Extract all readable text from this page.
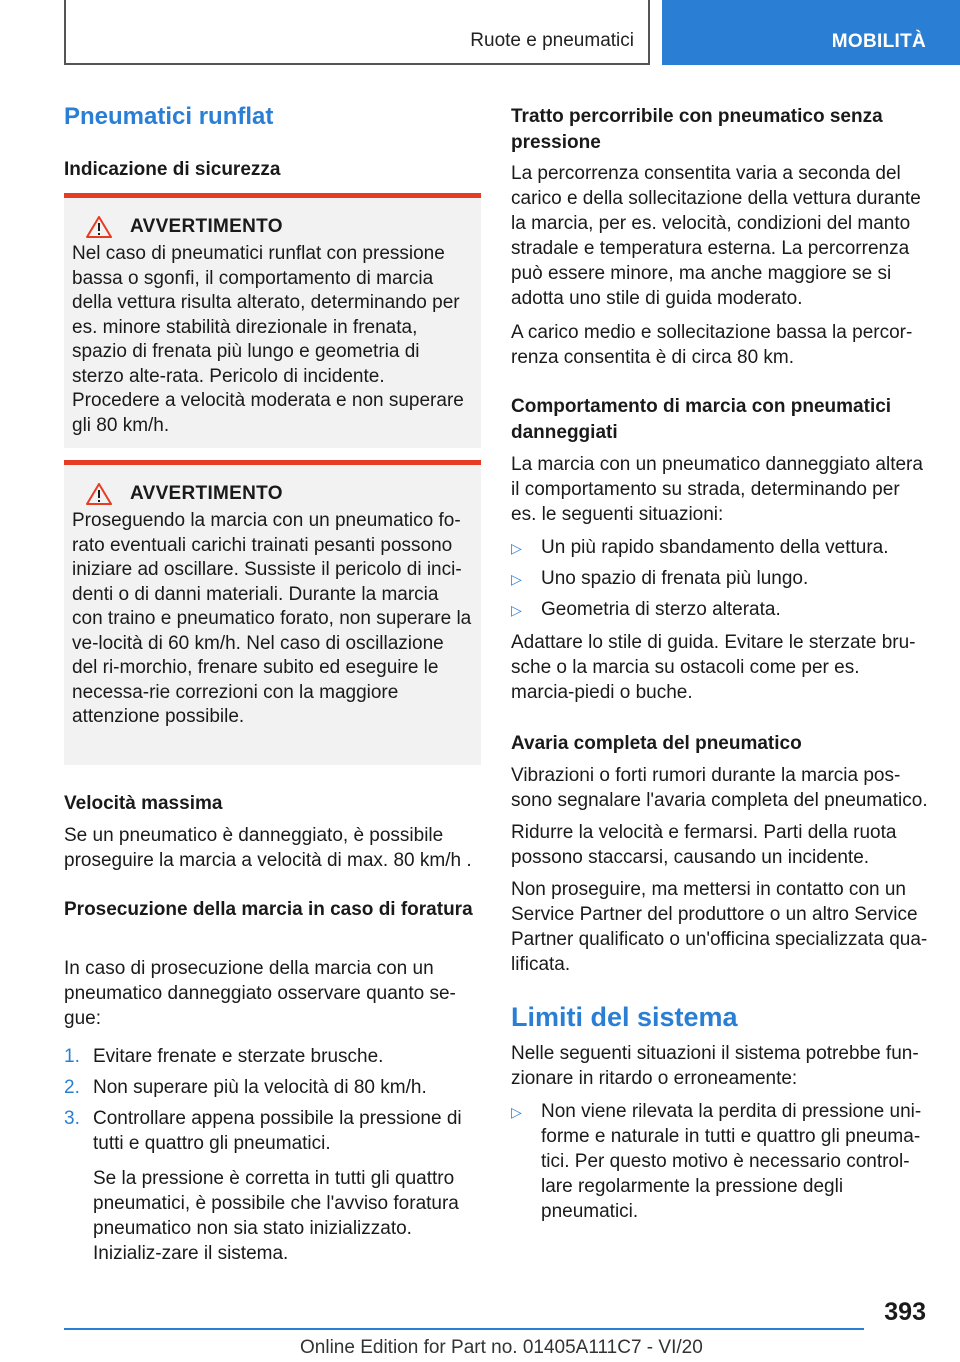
Ruote e pneumatici	MOBILITÀ
Pneumatici runflat
Indicazione di sicurezza
AVVERTIMENTO

Nel caso di pneumatici runflat con pressione bassa o sgonfi, il comportamento di marcia della vettura risulta alterato, determinando per es. minore stabilità direzionale in frenata, spazio di frenata più lungo e geometria di sterzo alte-rata. Pericolo di incidente. Procedere a velocità moderata e non superare gli 80 km/h.

AVVERTIMENTO

Proseguendo la marcia con un pneumatico fo-rato eventuali carichi trainati pesanti possono iniziare ad oscillare. Sussiste il pericolo di inci-denti o di danni materiali. Durante la marcia con traino e pneumatico forato, non superare la ve-locità di 60 km/h. Nel caso di oscillazione del ri-morchio, frenare subito ed eseguire le necessa-rie correzioni con la maggiore attenzione possibile.

Velocità massima

Se un pneumatico è danneggiato, è possibile proseguire la marcia a velocità di max. 80 km/h .

Prosecuzione della marcia in caso di foratura

In caso di prosecuzione della marcia con un pneumatico danneggiato osservare quanto se-gue:

1. Evitare frenate e sterzate brusche.
2. Non superare più la velocità di 80 km/h.
3. Controllare appena possibile la pressione di tutti e quattro gli pneumatici.

Se la pressione è corretta in tutti gli quattro pneumatici, è possibile che l'avviso foratura pneumatico non sia stato inizializzato. Inizializ-zare il sistema.

Tratto percorribile con pneumatico senza pressione

La percorrenza consentita varia a seconda del carico e della sollecitazione della vettura durante la marcia, per es. velocità, condizioni del manto stradale e temperatura esterna. La percorrenza può essere minore, ma anche maggiore se si adotta uno stile di guida moderato.

A carico medio e sollecitazione bassa la percor-renza consentita è di circa 80 km.

Comportamento di marcia con pneumatici danneggiati

La marcia con un pneumatico danneggiato altera il comportamento su strada, determinando per es. le seguenti situazioni:

▷ Un più rapido sbandamento della vettura.
▷ Uno spazio di frenata più lungo.
▷ Geometria di sterzo alterata.

Adattare lo stile di guida. Evitare le sterzate bru-sche o la marcia su ostacoli come per es. marcia-piedi o buche.

Avaria completa del pneumatico

Vibrazioni o forti rumori durante la marcia pos-sono segnalare l'avaria completa del pneumatico.

Ridurre la velocità e fermarsi. Parti della ruota possono staccarsi, causando un incidente.

Non proseguire, ma mettersi in contatto con un Service Partner del produttore o un altro Service Partner qualificato o un'officina specializzata qua-lificata.

Limiti del sistema

Nelle seguenti situazioni il sistema potrebbe fun-zionare in ritardo o erroneamente:

▷ Non viene rilevata la perdita di pressione uni-forme e naturale in tutti e quattro gli pneuma-tici. Per questo motivo è necessario control-lare regolarmente la pressione degli pneumatici.
393
Online Edition for Part no. 01405A111C7 - VI/20
